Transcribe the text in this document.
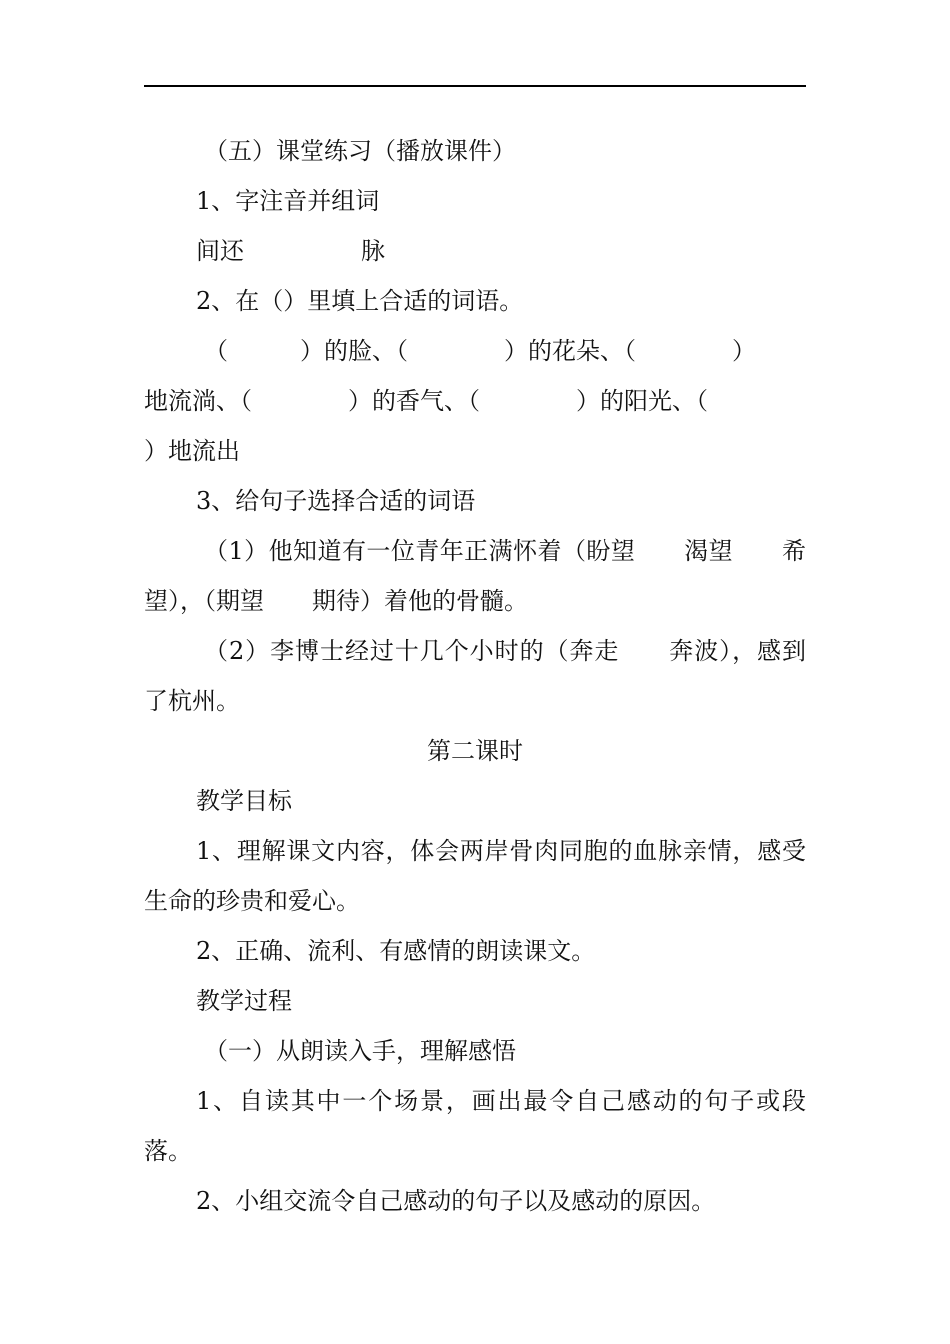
（五）课堂练习（播放课件）

1、字注音并组词

间还	脉

2、在（）里填上合适的词语。

（　　　）的脸、（　　　　）的花朵、（　　　　）

地流淌、（　　　　）的香气、（　　　　）的阳光、（

）地流出

3、给句子选择合适的词语

（1）他知道有一位青年正满怀着（盼望　　渴望　　希望），（期望　　期待）着他的骨髓。

（2）李博士经过十几个小时的（奔走　　奔波），感到了杭州。

第二课时

教学目标

1、理解课文内容，体会两岸骨肉同胞的血脉亲情，感受生命的珍贵和爱心。

2、正确、流利、有感情的朗读课文。

教学过程

（一）从朗读入手，理解感悟

1、自读其中一个场景，画出最令自己感动的句子或段落。

2、小组交流令自己感动的句子以及感动的原因。
